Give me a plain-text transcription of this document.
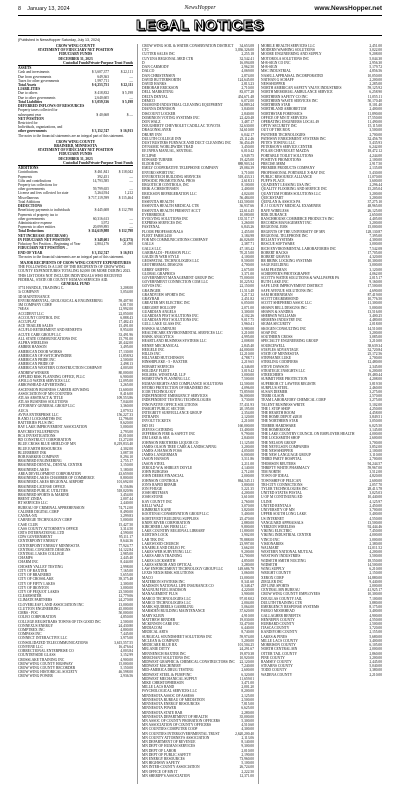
8 January 13, 2024	NewsHopper	www.NewsHopper.net
LEGAL NOTICES
(Published in NewsHopper Saturday, July 13, 2024)
CROW WING COUNTY
STATEMENT OF FIDUCIARY NET POSITION
FIDUCIARY FUNDS
DECEMBER 31, 2023
Custodial Funds Private-Purpose Trust Funds
ASSETS
Cash and investments	$ 3,607,377	$ 22,111
Due from governments	649,363	—
Taxes for other governments	1,997,711	—
Total Assets	$ 6,253,751	$ 22,111
LIABILITIES
Due to others	$ 418,832	$ 5,198
Due to other governments	2,640,605	—
Total Liabilities	$ 3,059,336	$ 5,198
DEFERRED INFLOWS OF RESOURCES
Property taxes collected for
subsequent year	$ 40,668	$ —
NET POSITION
Restricted for
Individuals, organizations, and
other governments	$ 3,152,747	$ 16,913
The notes to the financial statements are an integral part of this statement.
CROW WING COUNTY
BRAINERD, MINNESOTA
STATEMENT OF FIDUCIARY NET POSITION
FIDUCIARY FUNDS
DECEMBER 31, 2023
Custodial Funds Private-Purpose Trust Funds
ADDITIONS
Contributions	$ 461,841	$ 118,042
Payments	392,451	—
Gifts and contributions	14,793,585	—
Property tax collections for
other governments	59,799,655	—
License and fees collected for state	5,264,934	1,212
Miscellaneous	$ 717,119,599	$ 115,464
Total Additions
DEDUCTIONS
Beneficiary payments to individuals	$ 445,608	$ 112,798
Payments of property tax to
other governments	60,316,613	—
Administrative expense	3,972	—
Payments to other entities	20,099,895	—
Total Deductions	$ 114,619,988	$ 112,798
NET INCREASE (DECREASE)
IN FIDUCIARY NET POSITION	$ 348,601	$ (2,373)
Fiduciary Net Position – Beginning of Year	2,804,176	21,090
FIDUCIARY NET POSITION –
END OF YEAR	$ 3,152,747	$ 16,913
The notes to the financial statements are an integral part of this statement.
MAJOR RECIPIENTS OF CROW WING COUNTY EXPENDITURES
THE FOLLOWING IS A LIST OF THE RECIPIENTS OF CROW WING COUNTY EXPENDITURES TOTALING $2,000 OR MORE DURING 2023. THIS LIST DOES NOT INCLUDE INDIVIDUALS WHO RECEIVED FEDERAL, STATE OR COUNTY HUMAN SERVICES AID.
GENERAL FUND
3774 HANDLE, TRAINING C.	3,208.00
3i COMPANY	5,054.00
3D MAINTENANCE
ENVIRONMENTAL, GEOLOGICAL & ENGINEERING	59,407.90
3M COMPANY CORP.	6,817.00
7SEAS	12,992.00
ACCIDENT LLC	22,050.00
ACCOUNT CONTROL INC	6,888.43
ACCUPLAT	17,482.43
ACE TRAILER SALES	15,491.00
ACUFLO RETIREMENT AND BENEFITS	8,954.00
ACUTE CARE GROUP LLC	33,491.96
ALL STATE COMMUNICATIONS INC	15,791.00
ALPHA WIRELESS	20,442.00
AMBER HANSON	3,495.00
AMERICAN DOOR WORKS	17,130.00
AMERICAN OF SWITCHWINDER	11,858.92
AMERICAN PRIDE INC	2,500.00
AMERICAN PRIDE OF	2,498.13
AMERICAN WESTERN CONSTRUCTION COMPANY	4,003.00
ANDREW WINKER	80,000.00
APPLIED RISK PLANNING OFFICE, PLLC	6,900.00
APOLLO WATER SERVICES LLC	12,095.00
ARROWHEAD ADVERTISING	3,265.00
ASCENSION BUSINESS CAREER ADVISING	13,600.00
ASSOCIATION OF MN COUNTIES	8,416.00
ATLAS ABSTRACT & TITLE	109,553.86
ATLAS BUSINESS SOLUTIONS	7,044.00
ATTORNEY GENERAL GROUP LLC	3,360.00
AUCA	2,079.52
AVIVA ENTERPRISE LLC	156,227.33
B AND J LOCKSMITHS INC	12,796.00
BATTERIES PLUS INC	8,620.00
BAY LAKE IMPROVEMENT ASSOCIATION	5,000.00
BAYCREST BLUEPRINTS	2,793.00
BCA INVESTIGATIONS	10,010.00
BD CONSTRUCT CORPORATION	13,272.00
BLUE CROSS BLUE SHIELD OF MN	8,219,833.40
BLUE EARTH RESOURCES	4,302.00
BLUEBERRY INK	3,087.58
BOB BARKER COMPANY	8,294.10
BRAINERD ENGINEERING	2,755.17
BRAINERD DENTAL, DENTAL CENTER	3,150.00
BRAINERD LAKES	5,180.00
AREA DEVELOPMENT CORPORATION	43,659.00
BRAINERD LAKES CHAMBER OF COMMERCE	8,800.00
BRAINERD LAKES REGIONAL AIRPORT	101,692.00
BRAINERD LICENSE OFFICE	8,156.86
BRAINERD PUBLIC UTILITIES	518,020.96
BRAINERD SPORTS & MARINE	3,454.00
BRENT ZINDA	2,007.44
BT SERVICES LLC	2,440.00
BUREAU OF CRIMINAL APPREHENSION	74,712.00
CALIBER DIGITAL CORP	8,490.00
CANNA-NX	3,299.83
CARNEGIE TECHNOLOGY CORP	5,000.00
CASE CLUB	15,427.50
CASS COUNTY ATTORNEY'S OFFICE	3,314.50
CBTS INTERNATIONAL LTD	4,590.00
CDW GOVERNMENT	95,111.17
CENTERPOINT ENERGY	8,644.36
CENTERPOINT ENERGY MINNESOTA	77,924.77
CENTRAL CONCRETE DESIGNS	14,122.84
CENTRAL LAKES COLLEGE	2,985.00
CHAMPS	2,445.40
CHARM INC	8,444.00
CHOSEN VALLEY TESTING	2,998.00
CITY OF BAXTER	7,165.00
CITY OF BRAINERD	5,655.00
CITY OF CROSSLAKE	39,375.48
CITY OF FIFTY LAKES	2,300.00
CITY OF IRONTON	3,000.00
CITY OF PEQUOT LAKES	23,500.00
CLEARWATER	12,779.06
CLIMATE PARTNERS	24,270.00
CLOVERLEAF LAND ASSOCIATION INC	13,000.00
CLUTTON ENGINEERING	45,000.00
CMRS - POC	50,000.00
COLEO CORPORATION	4,850.00
COLLEGE REGISTRARS TOWNS OF ITS GOOD INC	2,500.00
CONNEXUS ENERGY	24,430.80
COMPTREX INC	4,800.00
COMPASS INC	7,445.00
CONNECT INTERACTIVE LLC	3,975.00
CONSOLIDATED TELECOMMUNICATIONS	3,615,557.55
CONVENE LLC	16,476.64
CORRECTIONAL ENTERPRISE CO	4,003.84
COUNTRYSIDE GLASS	3,152.99
CROSSLAKE TRAINING INC	4,900.00
CROW WING COUNTY HIGHWAY	15,000.00
CROW WING COUNTY RECORDER	5,150.00
CROW WING HISTORICAL SOCIETY	46,598.00
CROW WING POWER	2,936.56
CROW WING SOIL & WATER CONSERVATION DISTRICT	34,653.08
CTC	3,036,326.00
CUTTER SALES INC	2,255.18
CUYUNA REGIONAL MED CTR	32,542.41
D	16,094.08
DAN CARMODY	2,962.50
DALCO	4,069.00
DAN CHRISTENSEN	2,874.00
DAVID BUTTERWORTH	124,645.00
DAVID HANKS	2,813.23
DEBORAH ERICKSON	2,710.00
DELL MARKETING	83,077.28
DELTA DENTAL	454,671.48
DEMCO	6,072.00
DIAMOND INDUSTRIAL CLEANING EQUIPMENT	54,889.24
DIANNA DENNISON	3,840.00
DISCOUNT LOCKER	2,840.00
DOMINION VOTING SYSTEMS INC	22,420.48
DON WALZ	3,487.17
DOUGHERTY CHEVROLET CADILLAC TOYOTA	32,630.00
DRAGONSLAYER	34,610.00
DRURY INN	6,042.17
DULUTH COLLEGE INN	23,112.46
DUST BUSTERS FURNACE AND DUCT CLEANING INC	36,454.49
DYNAMIC WORLDWIDE TRAD	3,450.00
EE INFRA MANUAL, SENTRAL	6,010.42
ECLIPSE	3,949.75
EDWARD TURNER	19,425.00
ELDOR INC	888,903.34
EMILY COOPERATIVE TELEPHONE COMPANY	29,084.39
ENVIRO SPORT INC	3,710.00
ENVIROTECH BUILDING SERVICES	518,433.31
EPISODIC PROMOTIONAL PROS	2,618.31
ERGOTECH CONTROLS, INC	8,100.00
ERIK A CHRISTENSEN	2,400.00
ERICKSON REFRIGERATION LLC	4,024.00
ESRI	56,484.00
ESSENTIA HEALTH	143,500.00
ESSENTIA HEALTH MEDICAL CTR	36,937.66
ESSENTIA HEALTH PRESENT ACCT	22,614.45
EVERBRIDGE	10,080.00
EVOLVING SOLUTIONS INC	135,517.17
EXPRESS SERVICES INC	3,260.00
FASTENAL	6,843.26
FLOOR PROFESSIONALS	2,455.00
FLEET FARM 2430	3,184.98
FOR MN COMMUNICATIONS COMPANY	46,026.00
GALLS	2,387.71
GALLS LLC	47,183.42
GARIBALDI - PEARSON PLLC	70,215.00
GAUDI IN WEB STYLE	4,100.00
GEOSPATIAL TECHNOLOGIES LLC	8,500.00
GEOTHERMAL DESIGNS	4,700.00
GERRY GRIFFIN	2,675.00
GLOBAL GRAPHICS	3,371.00
GOVERNMENT MANAGEMENT GROUP INC	75,000.00
GOVERNMENT CONNECTION COM LLC	10,225.92
GOVOS INC	22,150.00
GRAINGER	11,513.48
GRANDVIEW SPORTS INC	3,217.32
GRAYBAR	2,451.82
GREATER MN ELECTRIC INC	6,050.00
GREGORY HOLLOFF	2,071.00
GUARDIAN ANGELS	3,300.00
GUARDIAN PEST SOLUTIONS INC	4,102.26
GUARDIAN PEST SOLUTIONS INC	9,017.75
GULL LAKE GLASS INC	3,960.41
HAWKS ALUMINUM	3,980.00
HEALTHCARE ENVIRONMENTAL SERVICES LLC	3,210.00
HAWK ANALYTICS	4,995.00
HEARTLAND BUSINESS SYSTEMS LLC	2,008.00
HENRY MECHANICAL	2,845.40
HEIGELE INC	44,000.00
HILLIS INC	12,210.00
HILLYARD HUTCHINSON	4,788.71
HINSHIPLEKE - 5 - BAXTER	2,219.65
HOBART SERVICES	4,346.00
HOLIDAY FLEET	3,019.42
HOLMES, WINSTEAD, LLP	3,000.00
HOMETOWN PLANNING LLC	7,500.00
HUMAN RIGHTS AND COMPLIANCE SOLUTIONS	12,500.00
HYDRO PROTECTION OF BRAINERD INC	4,096.00
ICOR TECHNOLOGY	73,859.00
INDEPENDENT EMERGENCY SERVICES	56,000.00
INDEPENDENT TESTING TECHNOLOGIES	3,730.00
INNOVATIVE OFFICE SOLUTIONS	57,431.93
INSIGHT PUBLIC SECTOR	20,195.00
INTEGRITY SURVEILLANCE GROUP	2,354.00
INTRAFIN	2,120.00
INVOLT TICKETS	2,210.00
ISD 181	160,000.00
JEEVES CATERING	13,400.00
JEFFERSON FIRE & SAFETY INC	9,790.00
JIM LAKE & SEA	2,840.00
JOHNSON BROTHERS LIQUOR CO	11,125.00
JAMES OLSON TREE CARE & LANDSCAPING	3,200.00
JAMES A HANSON FOSS	4,050.00
JAMES LANGERMAN	6,000.00
JASON HANSON	3,511.86
JASON STEEL	2,211.00
JEROLD W & SHIRLEY DOYLE	4,140.00
JOHN BURGESS	2,712.00
JOHN DEERE FINANCIAL	2,000.00
JOHNSON CONTROLS	864,545.11
JON'S RAPID REPAIR	3,800.00
JON P HUGE	5,221.35
JOSH HEITMAN	4,200.00
JOSH STONE	3,610.00
KAY COUNTY INC	2,760.00
KELLI WALZ	3,070.00
KIMBERLY KANE	3,820.00
KOOTENAI CONSERVATION GROUP LLC	5,400.00
KORTEVEDT BUILDING SUPPLIES	25,470.00
KNIFE RIVER CORPORATION	2,880.00
KIRCHNER LAW FIRM LLC	9,800.00
LAKE COUNTRY REGIONAL LIBRARY	11,800.00
KURTIS'S LOCK	3,902.00
LAB TEK INC	70,888.00
LAKEWOOD CHURCH	23,997.00
KNAEBLE AND DELEO PC	3,662.00
LAKES WEB SURVEYING LLC	9,200.00
LAKES AREA TRAINING	12,700.00
LAKES LOCKSMITH	4,850.00
LAKES SENIOR AND OPTICAL	3,280.00
LAW ENFORCEMENT TECHNOLOGY GROUP LLC	149,686.78
LEXIS NEXIS RISK SOLUTIONS	3,060.00
MACO	13,000.00
MATERION SYSTEMS INC	8,341.60
MADISON NATIONAL LIFE INSURANCE CO	8,348.47
MAGNUM FUEL MADISON	4,220.00
MANAGEMENT PLUS	3,900.00
MARCO TECHNOLOGIES LLC	97,018.02
MARCO TECHNOLOGIES LLC	2,004.00
MARK SQUIRRELS GAMBLING	5,064.00
MARSDEN BUILDING MAINTENANCE	37,620.00
MARY KLEIN	4,910.00
MATTHEW BENDER	19,030.00
MCKINNON CARE INC	33,470.00
MEDIACOM	6,440.00
MEDICAL ARTS	8,740.00
SURGICAL SOUNDSHEET SOLUTIONS INC	59,974.00
MCLEAN & COMPANY	5,200.00
MEDICARE BLUE RX	101,504.25
MELANIE DITTY	24,291.67
MENNENICH BAXTER INC	19,870.38
MERCHANT SOLUTIONS INC	10,920.00
MIDWEST GRAPHIC & CHEMICAL CONSTRUCTORS INC	22,120.00
MIDWEST MACHINERY	7,240.00
MID-AMERICA DRUG TESTING	2,600.00
MIDWEST STEEL & PUMP INC	6,320.00
MIDWEST MECHANICAL SUPPLY	11,659.01
MIKE CHRISTOPHERSON	3,471.00
MILLE LACS BAND	2,001.20
PSYCHOLOGICAL SERVICES LLC	8,200.00
MINNESOTA ASSOC OF ASSESS	2,125.00
MINNESOTA BUREAU OF MEDIATION	2,500.00
MINNESOTA ENERGY RESOURCES	7,815.00
MINNESOTA POWER	6,625.00
MINNESOTA STATE BAR	2,280.00
MINNESOTA DEPARTMENT OF HEALTH	35,000.00
MN ASSOC OF COUNTY PROBATION OFFICERS	5,300.00
MN ASSOCIATION OF COUNTY OFFICERS	4,510.60
MN COUNTIES COMPUTER COOP	4,300.00
MN COUNTIES INTERGOVERNMENTAL TRUST	2,620,200.40
MN COUNTY ATTORNEYS ASSOCIATION	2,113.06
MN DEPARTMENT OF REVENUE	8,140.00
MN DEPT OF HUMAN SERVICES	9,300.00
MN DEPT OF LABOR	2,010.00
MN DEPT OF PUBLIC SAFETY	2,190.00
MN ENERGY RESOURCES	73,960.00
MN HIGHWAY SAFETY	5,100.00
MN INTER-COUNTY ASSOCIATION	26,724.00
MN OFFICE OF MN IT	2,222.50
MN SHERIFF'S ASSOCIATION	12,371.00
MOBILE HEALTH SERVICES LLC	2,451.00
MODERN WASHING SOLUTIONS	3,022.00
MOORE ENGINEERING AND SUPPLY	9,208.00
MOTOROLA SOLUTIONS INC	5,044.30
M-R-SIGN CO INC	2,956.30
M-R-SIGN	5,179.72
MSC INDUSTRIAL	4,856.56
NASELL APPRAISAL INCORPORATED	10,050.00
NATHAN G SCHAFF	2,200.00
NEWSHOPPER	2,285.00
NORTH AMERICAN SAFETY VALVE INDUSTRIES	59,125.92
NORTH MEMORIAL AMBULANCE SERVICE	6,258.90
NORTHERN SAFETY CO INC	11,055.11
NORTHERN WASTE SERVICES INC	50,170.40
NORTHERN STAR	8,101.40
NORTHLAND ARBORETUM	2,400.00
NORTHSTAR FORENSICS	11,890.00
OFFICE OF MN IT SERVICES	17,550.00
OPERATING ENGINEERS LOCAL 49	11,490.00
OPTIV SECURITY INC	15,115.00
OUT OF THE BOX	3,500.00
PANTHER TECHNOLOGIES	2,700.00
PATHWAY ENRICHMENT SYSTEMS INC	32,456.70
PETE'S TOWING LLC	5,435.93
PETERSON'S SERVICE CENTER	6,242.00
POLAR CHEVROLET MAZDA	18,472.12
PORTABLE TOILET SOLUTIONS	4,244.00
POSITIVE PROMOTIONS	2,100.00
PRECISE MRM	2,917.50
PREMIER PRODUCTS COMPANY	2,135.08
PROFESSIONAL PORTABLE X-RAY INC	5,430.00
PUBLIC RESOURCE ALLIANCE	11,070.00
PUFF'S PLACE	3,600.00
QUADIENT LEASING USA INC	2,296.44
QUALITY FLOORING AND SERVICE INC	15,205.04
QUANTUM FORMS SOLUTIONS LLC	3,200.00
QUICKSTART	3,200.00
QUINLAN & ASSOCS PA	37,275.10
R J J COUNTY MEDICAL EXAMINER	48,965.00
RAVE WIRELESS	26,125.00
RDK DURANCE	2,650.00
RANCHHOUSE COMMERCE PRODUCTS INC	4,405.00
RECORDS MANAGEMENT INC	3,200.00
REGIONAL EMS	15,000.00
REGENTS OF THE UNIVERSITY OF MN	128,130.87
REGIONAL TELEPHONE INC	7,395.00
RELIANT SYSTEMS	4,300.00
RESCUE SOFTWARE	3,000.00
RICH ENVIRONMENTAL LABORATORIES INC	7,542.08
ROBERT HACKS	17,705.00
ROBERT GRAVES	4,320.00
RR BRINK LOCKING SYSTEMS	10,300.00
SAGE BUILDING	3,000.00
SAM PEATMAN	3,120.00
SCHIEFFER'S PHOTOGRAPHY	4,062.00
SCOTT'S WATER SOLUTIONS & WALLPAPER PA	2,015.17
RUTH LAKE INC	9,160.00
SAFE LINE IMPROVEMENT DISTRICT	17,500.00
SAFE AVENUE SOLUTIONS INC	4,690.00
SAM HOERNEMAN	87,419.00
SCOTT DEGRIMMOND	10,776.50
SCOTT SHEPHERD ASSOC LLC	11,300.00
SHAWN BELL DESIGNS INC	5,000.00
SHAWN & SANDRA	13,516.00
SHERWIN WILLIAMS	3,400.25
SIEMENS INDUSTRY INC	4,480.00
SIGMA SECURITY	2,018.00
SKOGEN CONSULTING INC	14,510.00
SOAP INC	3,200.00
SOUTHERN CROSS	3,085.00
SPECIALTY ENGINEERING GROUP	3,210.00
SOURCEWELL	38,639.34
STAPLES ADVANTAGE	32,720.84
STATE OF MINNESOTA	25,172.56
STEPHANIE LUKE	2,700.00
STERLING CODIFIERS	12,480.00
STEVE DAWSON	2,345.00
STRATEGIC INSIGHTS LLC	6,200.00
STREICHER'S	19,480.44
SUMMIT FIRE PROTECTION	4,208.00
SUPERIOR CT LAWYER REGISTR	3,819.50
SURPLUS STEEL	2,460.00
SUSAN DIEMER	3,275.00
TERRI OLSON	2,570.00
TEAM LABORATORY CHEMICAL CORP	3,275.00
TALENT BUSINESS WRITE	5,102.00
THE 1 STOP SHOP	4,250.00
THE HEARTH ROOM	4,458.00
THE HOME DEPOT #2818	3,849.51
THE NORTHERN STAR	3,050.00
TIMBER HARDWARE	6,025.50
THE HOMEROOM	3,145.00
THE LAKE COUNTRY COUNCIL ON EMPLOYER HEALTH	4,000.00
THE LOCKSMITH SHOP	2,600.00
THE NELSON GROUP	3,700.00
THE NEVELSON COMPANIES	3,852.00
THE NEWSHOPPER	2,100.00
THE NEW LANGUAGE GROUP	3,110.00
THIRD PARTY HOSPITAL	2,700.00
THOMSON REUTERS	94,244.57
THRIFTY WHITE PHARMACY	59,967.00
TIM NORTH	3,512.00
TOWN OF IDEAL	4,820.00
TOWNSHIP OF PELICAN	2,600.00
TRI-CITY CONNECTIONS	2,057.70
TYLER TECHNOLOGIES INC	28,413.78
UNITED STATES POSTAL	3,025.03
U OF M CONTINUING ED	10,440.00
ULINE	4,125.97
UNITED RENTALS	2,450.00
UNIVERSITY OF MN	3,700.00
UPPER SOUTH LONG LAKE	5,400.00
US INTERNET	4,550.00
VANGUARD APPRAISALS	13,500.00
VERIZON WIRELESS	92,444.46
VIKING ELECTRIC	7,450.00
VIKING INDUSTRIAL CENTER	4,000.00
VINCO INC	3,000.00
VISIONARIES	2,380.00
WALMART	12,011.52
WESTERN NATIONAL MUTUAL	4,200.00
WESTWAY INDUSTRIES	3,500.00
WIDSETH SMITH NOLTING	18,550.00
WIDSETH	14,500.00
WING SUPPLY	6,210.00
WRIGHT COUNTY	2,150.00
XEROX CORP	14,880.00
ZIEGLER INC	9,440.00
ZIP LINE SPORTS	2,000.00
CENTRAL MN BUREAU	41,925.17
CROW WING COUNTY EMPLOYEES	10,300.00
DOUGLAS COUNTY JAIL	7,100.00
DULUTH TRAINING CTR	3,880.00
EMERGENCY RESPONSE SYSTEMS	8,175.00
FARGO MOORHEAD	3,400.00
GALLAGHER BENEFITS	4,900.00
HENNEPIN COUNTY	4,550.00
HUBBARD COUNTY	2,500.00
ITASCA COUNTY	3,720.00
KANDIYOHI COUNTY	2,155.00
LAKES & PINES	5,680.00
MILLE LACS COUNTY	3,400.00
MORRISON COUNTY	6,105.00
NORTH CENTRAL MN	2,000.00
OTTER TAIL COUNTY	2,860.00
PINE COUNTY	3,200.00
RAMSEY COUNTY	2,445.00
STEARNS COUNTY	5,040.00
TODD COUNTY	3,380.00
WADENA COUNTY	2,210.00
